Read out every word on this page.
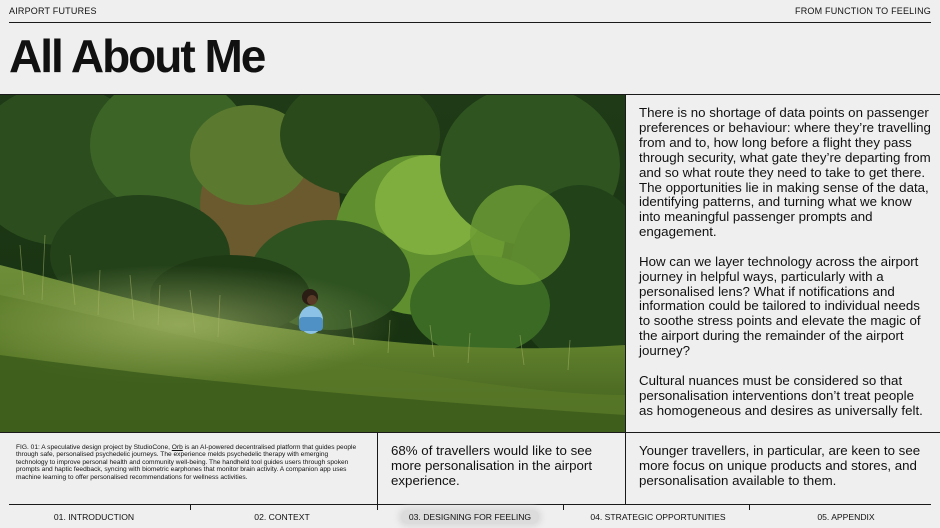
AIRPORT FUTURES	FROM FUNCTION TO FEELING
All About Me

There is no shortage of data points on passenger preferences or behaviour: where they’re travelling from and to, how long before a flight they pass through security, what gate they’re departing from and so what route they need to take to get there. The opportunities lie in making sense of the data, identifying patterns, and turning what we know into meaningful passenger prompts and engagement.

How can we layer technology across the airport journey in helpful ways, particularly with a personalised lens? What if notifications and information could be tailored to individual needs to soothe stress points and elevate the magic of the airport during the remainder of the airport journey?

Cultural nuances must be considered so that personalisation interventions don’t treat people as homogeneous and desires as universally felt.

FIG. 01: A speculative design project by StudioCone, Orb is an AI-powered decentralised platform that guides people through safe, personalised psychedelic journeys. The experience melds psychedelic therapy with emerging technology to improve personal health and community well-being. The handheld tool guides users through spoken prompts and haptic feedback, syncing with biometric earphones that monitor brain activity. A companion app uses machine learning to offer personalised recommendations for wellness activities.
68% of travellers would like to see more personalisation in the airport experience.
Younger travellers, in particular, are keen to see more focus on unique products and stores, and personalisation available to them.
01. INTRODUCTION	02. CONTEXT	03. DESIGNING FOR FEELING	04. STRATEGIC OPPORTUNITIES	05. APPENDIX
